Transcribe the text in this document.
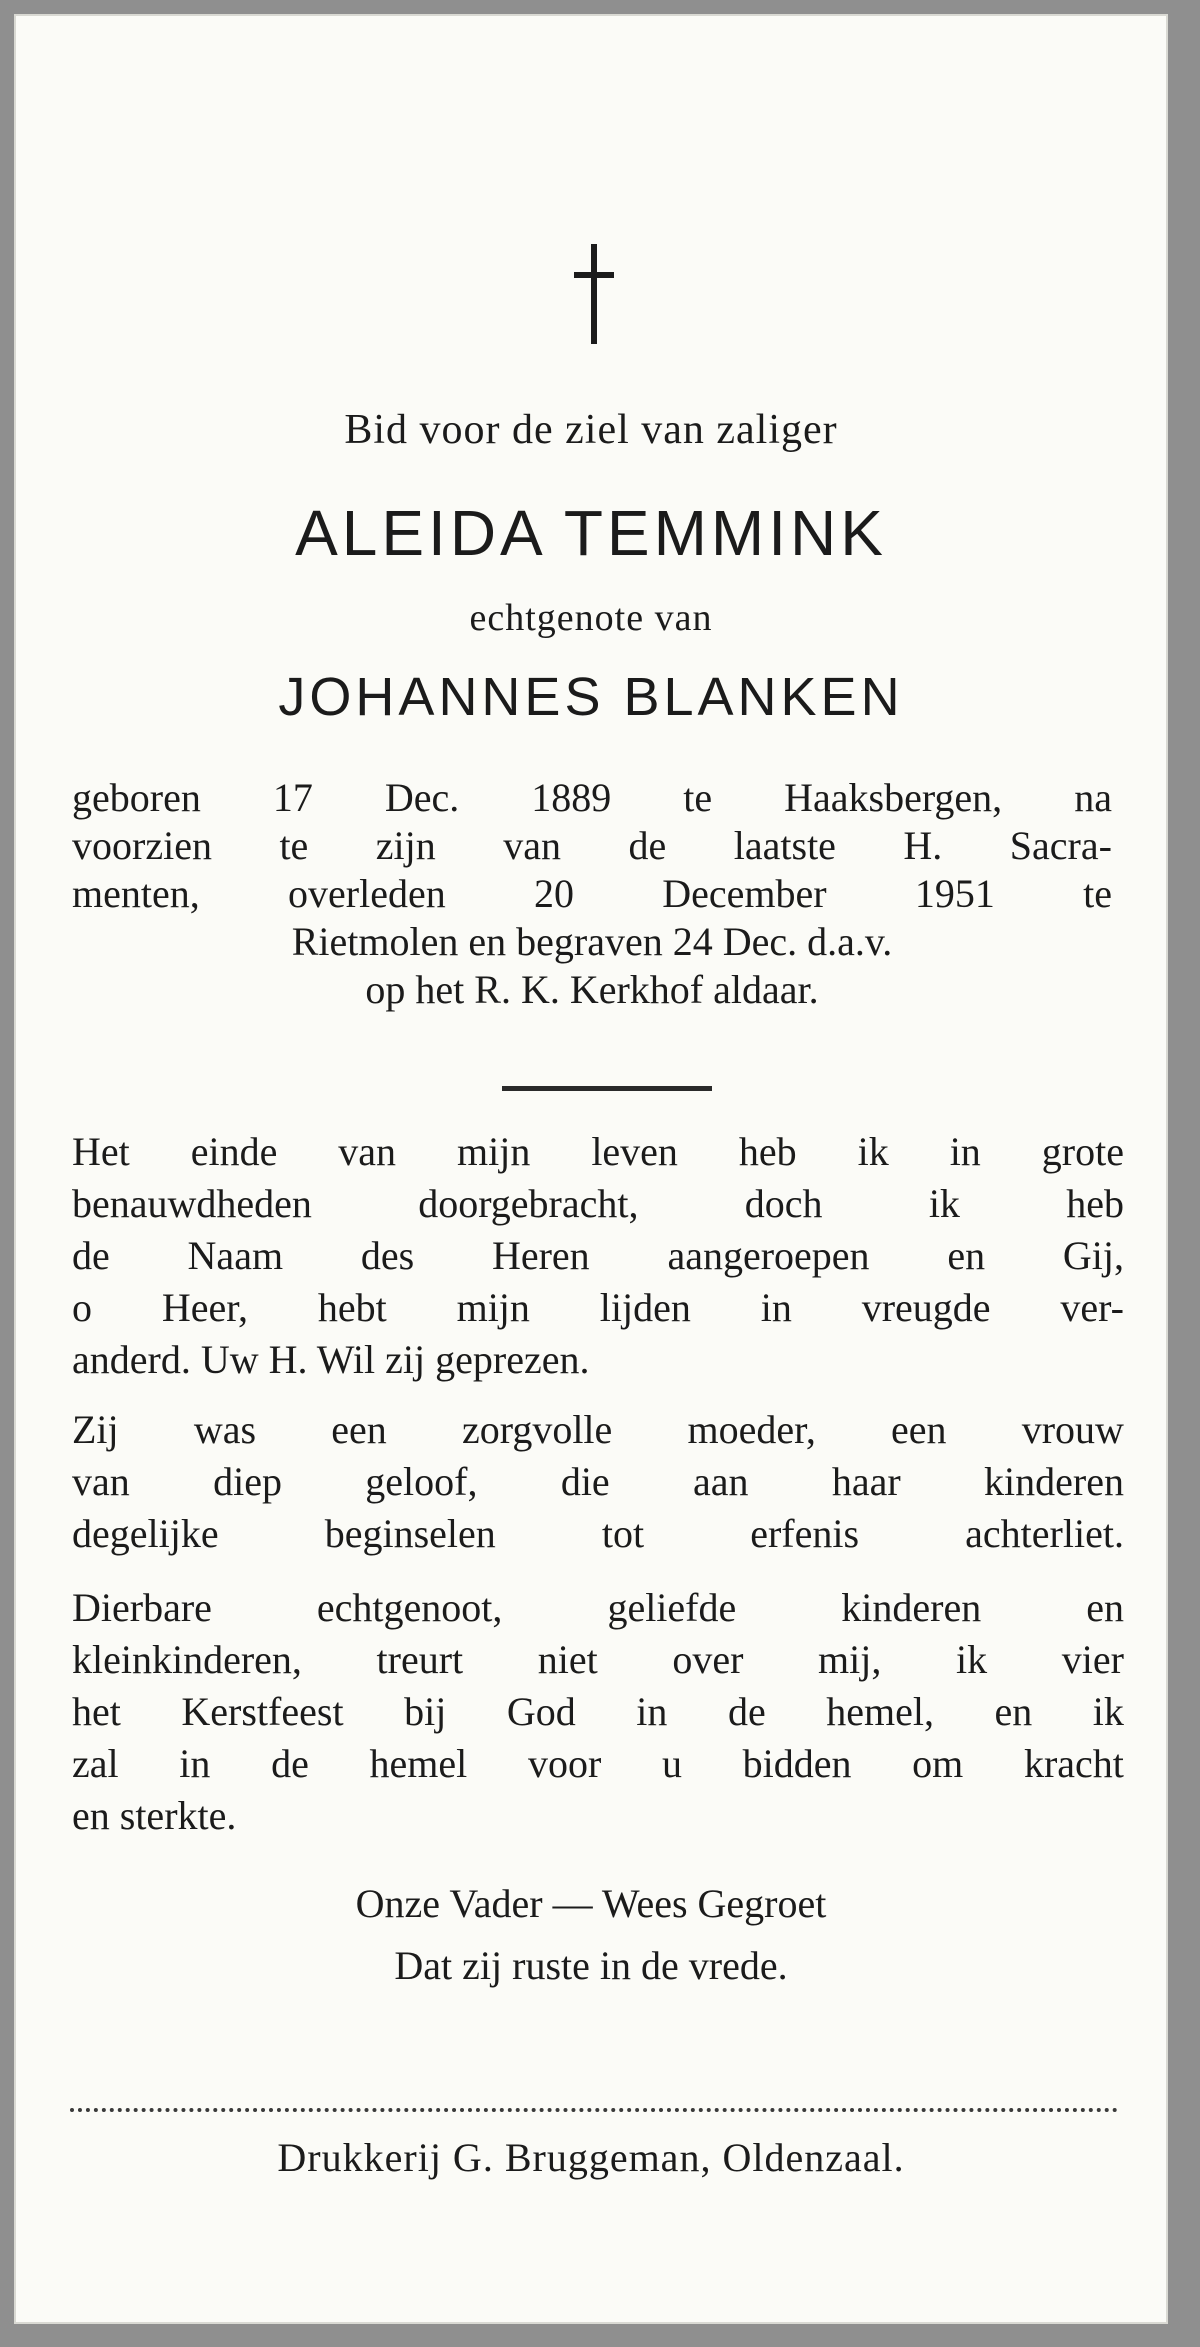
Bid voor de ziel van zaliger
ALEIDA TEMMINK
echtgenote van
JOHANNES BLANKEN
geboren 17 Dec. 1889 te Haaksbergen, na
voorzien te zijn van de laatste H. Sacra-
menten, overleden 20 December 1951 te
Rietmolen en begraven 24 Dec. d.a.v.
op het R. K. Kerkhof aldaar.
Het einde van mijn leven heb ik in grote
benauwdheden	doorgebracht,	doch	ik	heb
de Naam des Heren aangeroepen en Gij,
o Heer, hebt mijn lijden in vreugde ver-
anderd. Uw H. Wil zij geprezen.
Zij was een zorgvolle moeder, een vrouw
van diep geloof, die aan haar kinderen
degelijke	beginselen	tot	erfenis	achterliet.
Dierbare	echtgenoot,	geliefde	kinderen	en
kleinkinderen, treurt niet over mij, ik vier
het Kerstfeest bij God in de hemel, en ik
zal in de hemel voor u bidden om kracht
en sterkte.
Onze Vader — Wees Gegroet
Dat zij ruste in de vrede.
Drukkerij G. Bruggeman, Oldenzaal.
